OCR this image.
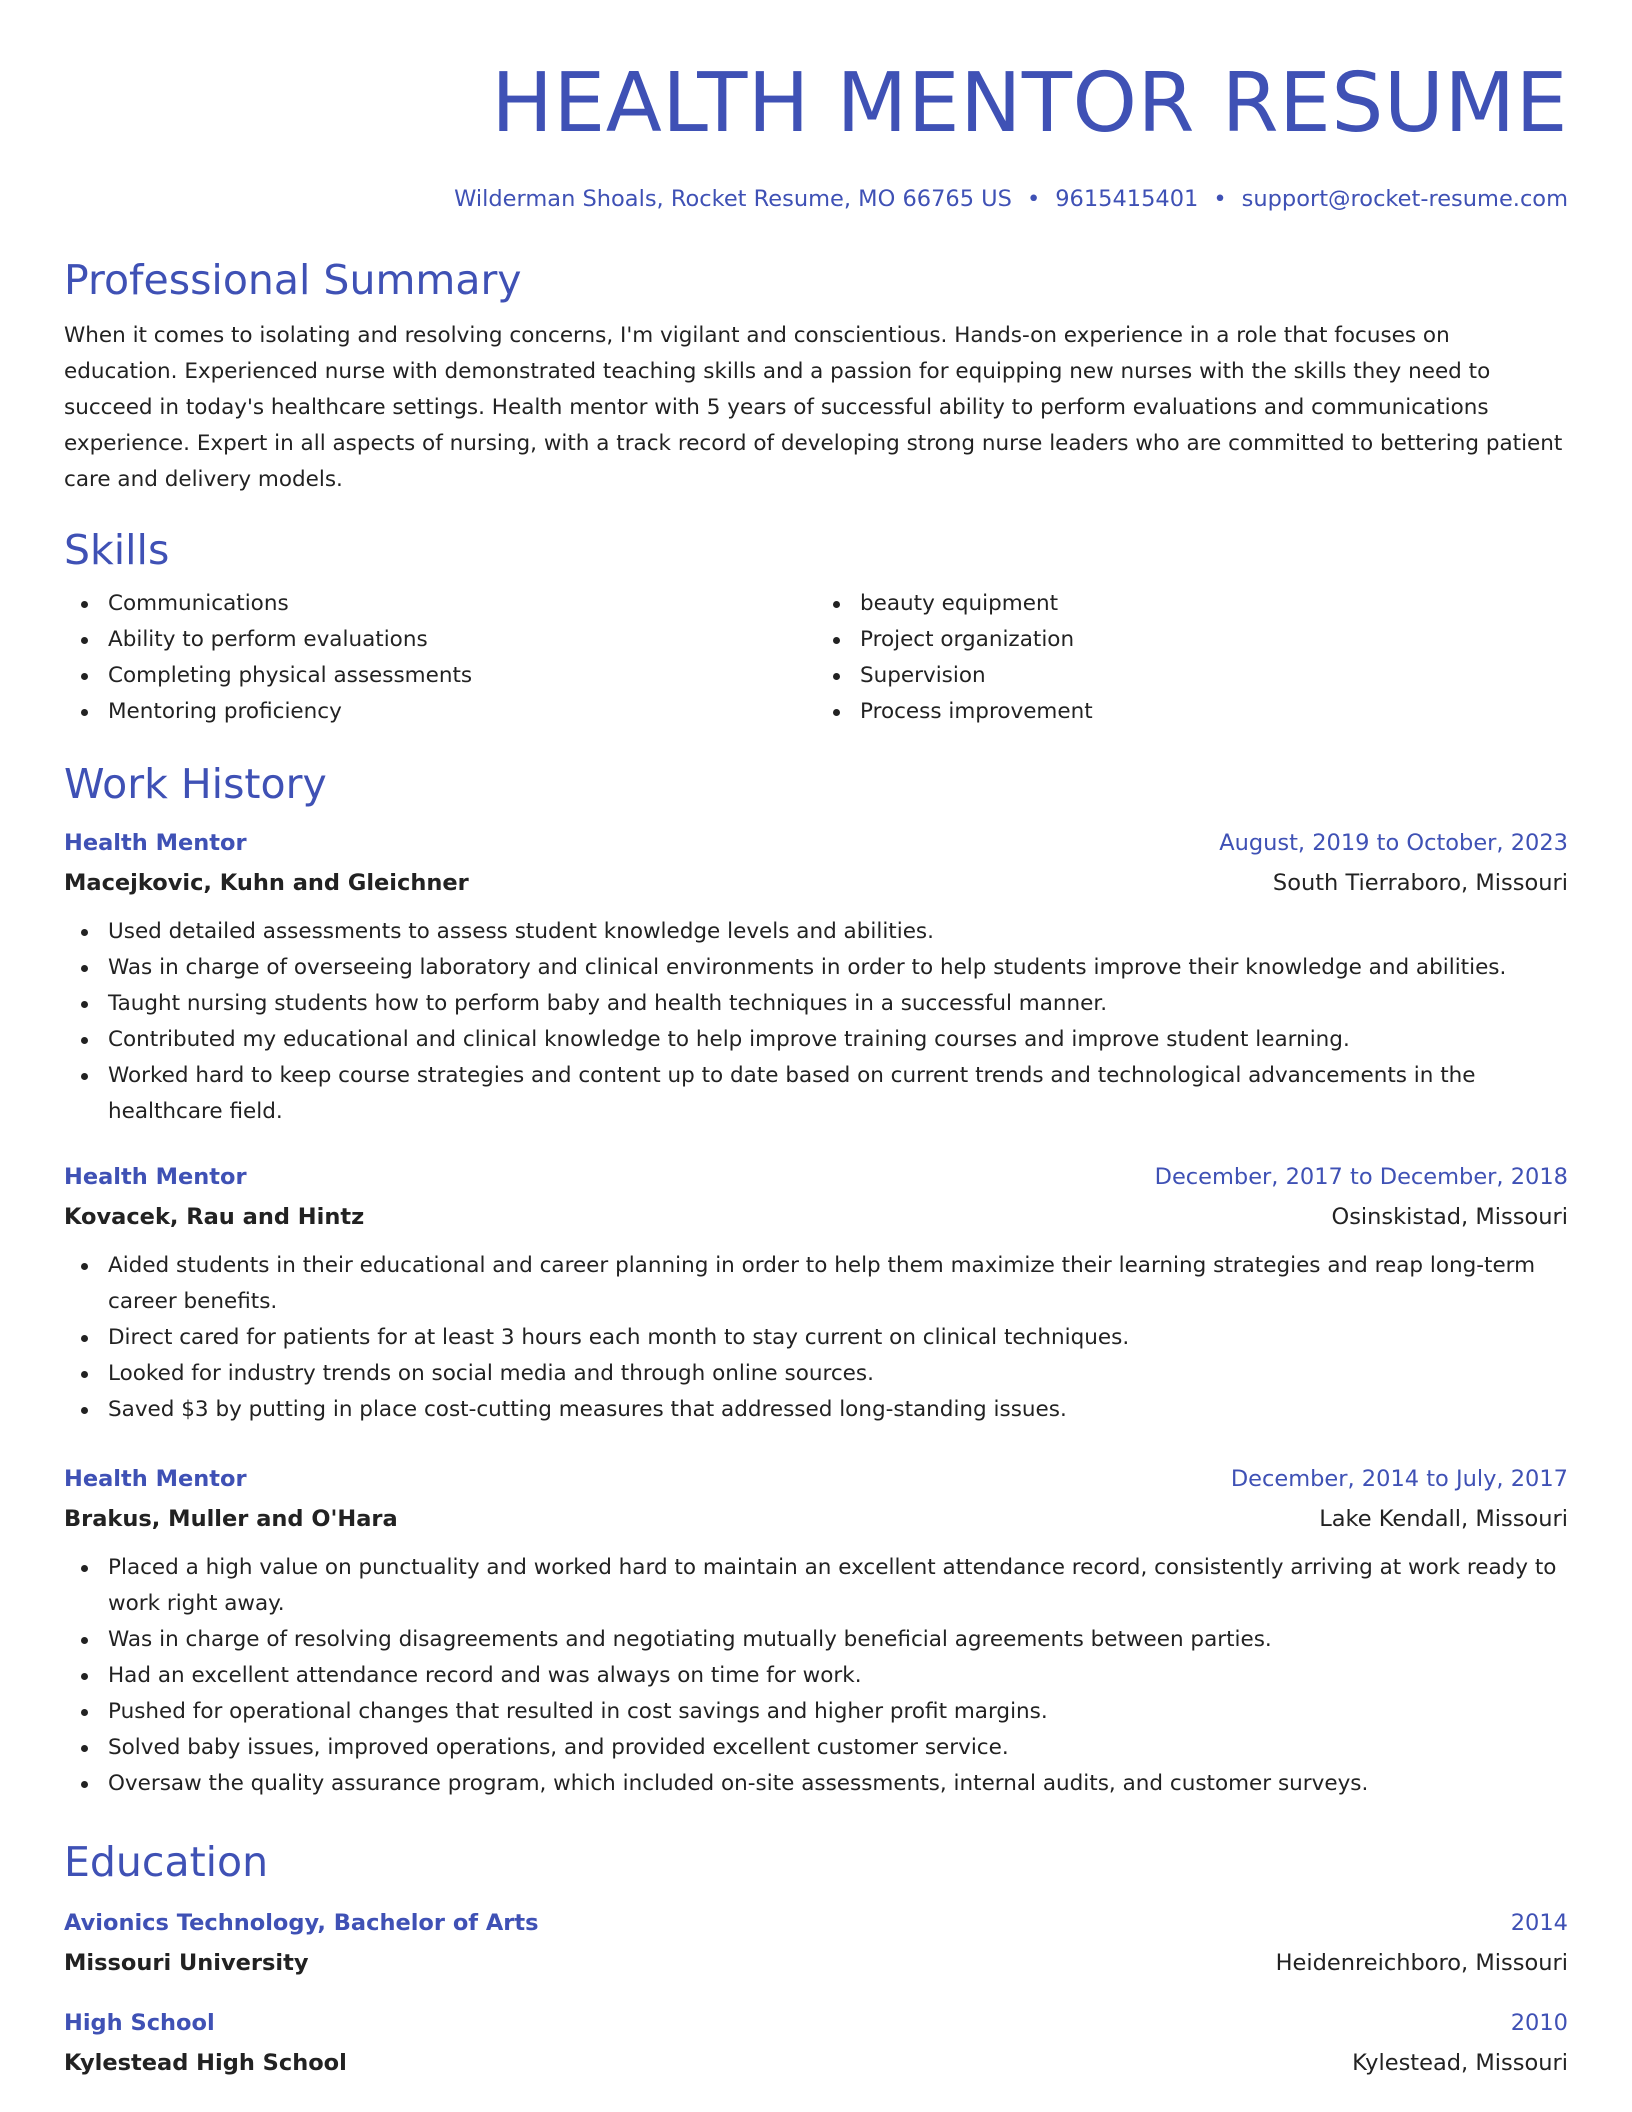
HEALTH MENTOR RESUME
Wilderman Shoals, Rocket Resume, MO 66765 US • 9615415401 • support@rocket-resume.com
Professional Summary
When it comes to isolating and resolving concerns, I'm vigilant and conscientious. Hands-on experience in a role that focuses on education. Experienced nurse with demonstrated teaching skills and a passion for equipping new nurses with the skills they need to succeed in today's healthcare settings. Health mentor with 5 years of successful ability to perform evaluations and communications experience. Expert in all aspects of nursing, with a track record of developing strong nurse leaders who are committed to bettering patient care and delivery models.
Skills
Communications
Ability to perform evaluations
Completing physical assessments
Mentoring proficiency
beauty equipment
Project organization
Supervision
Process improvement
Work History
Health Mentor	August, 2019 to October, 2023
Macejkovic, Kuhn and Gleichner	South Tierraboro, Missouri
Used detailed assessments to assess student knowledge levels and abilities.
Was in charge of overseeing laboratory and clinical environments in order to help students improve their knowledge and abilities.
Taught nursing students how to perform baby and health techniques in a successful manner.
Contributed my educational and clinical knowledge to help improve training courses and improve student learning.
Worked hard to keep course strategies and content up to date based on current trends and technological advancements in the healthcare field.
Health Mentor	December, 2017 to December, 2018
Kovacek, Rau and Hintz	Osinskistad, Missouri
Aided students in their educational and career planning in order to help them maximize their learning strategies and reap long-term career benefits.
Direct cared for patients for at least 3 hours each month to stay current on clinical techniques.
Looked for industry trends on social media and through online sources.
Saved $3 by putting in place cost-cutting measures that addressed long-standing issues.
Health Mentor	December, 2014 to July, 2017
Brakus, Muller and O'Hara	Lake Kendall, Missouri
Placed a high value on punctuality and worked hard to maintain an excellent attendance record, consistently arriving at work ready to work right away.
Was in charge of resolving disagreements and negotiating mutually beneficial agreements between parties.
Had an excellent attendance record and was always on time for work.
Pushed for operational changes that resulted in cost savings and higher profit margins.
Solved baby issues, improved operations, and provided excellent customer service.
Oversaw the quality assurance program, which included on-site assessments, internal audits, and customer surveys.
Education
Avionics Technology, Bachelor of Arts	2014
Missouri University	Heidenreichboro, Missouri
High School	2010
Kylestead High School	Kylestead, Missouri
